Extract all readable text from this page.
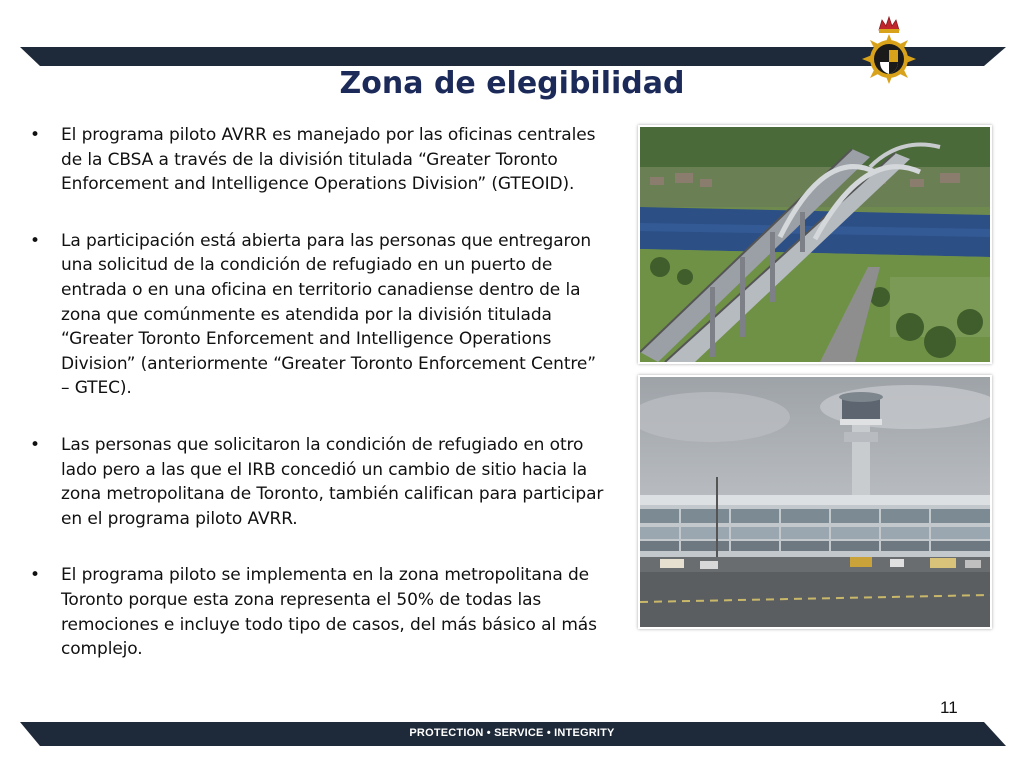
Zona de elegibilidad
• El programa piloto AVRR es manejado por las oficinas centrales de la CBSA a través de la división titulada “Greater Toronto Enforcement and Intelligence Operations Division” (GTEOID).
• La participación está abierta para las personas que entregaron una solicitud de la condición de refugiado en un puerto de entrada o en una oficina en territorio canadiense dentro de la zona que comúnmente es atendida por la división titulada “Greater Toronto Enforcement and Intelligence Operations Division” (anteriormente “Greater Toronto Enforcement Centre” – GTEC).
• Las personas que solicitaron la condición de refugiado en otro lado pero a las que el IRB concedió un cambio de sitio hacia la zona metropolitana de Toronto, también califican para participar en el programa piloto AVRR.
• El programa piloto se implementa en la zona metropolitana de Toronto porque esta zona representa el 50% de todas las remociones e incluye todo tipo de casos, del más básico al más complejo.
11
PROTECTION • SERVICE • INTEGRITY
